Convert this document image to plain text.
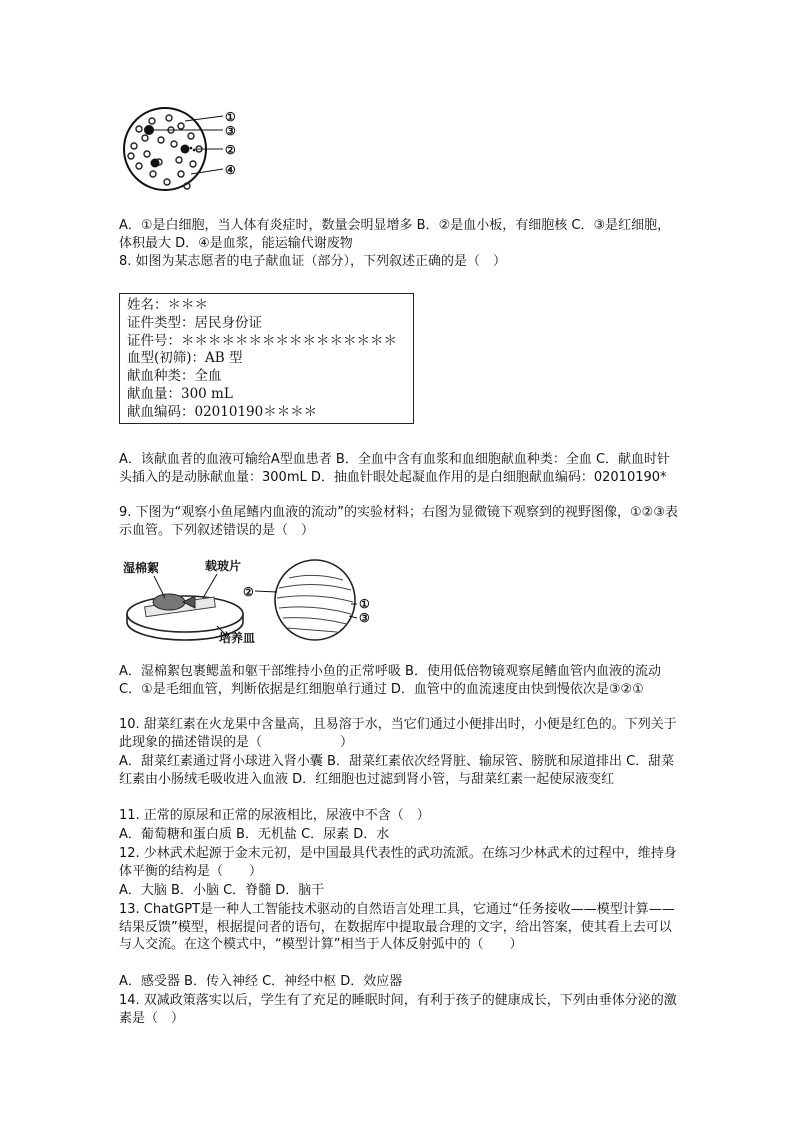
①
③
②
④

A．①是白细胞，当人体有炎症时，数量会明显增多 B．②是血小板，有细胞核 C．③是红细胞，体积最大 D．④是血浆，能运输代谢废物

8. 如图为某志愿者的电子献血证（部分），下列叙述正确的是（　）

姓名：＊＊＊
证件类型：居民身份证
证件号：＊＊＊＊＊＊＊＊＊＊＊＊＊＊＊＊
血型(初筛)：AB 型
献血种类：全血
献血量：300 mL
献血编码：02010190＊＊＊＊

A．该献血者的血液可输给A型血患者 B．全血中含有血浆和血细胞献血种类：全血 C．献血时针头插入的是动脉献血量：300mL D．抽血针眼处起凝血作用的是白细胞献血编码：02010190*

9. 下图为“观察小鱼尾鳍内血液的流动”的实验材料；右图为显微镜下观察到的视野图像，①②③表示血管。下列叙述错误的是（　）

湿棉絮	载玻片
培养皿
②
①
③

A．湿棉絮包裹鳃盖和躯干部维持小鱼的正常呼吸 B．使用低倍物镜观察尾鳍血管内血液的流动 C．①是毛细血管，判断依据是红细胞单行通过 D．血管中的血流速度由快到慢依次是③②①

10. 甜菜红素在火龙果中含量高，且易溶于水，当它们通过小便排出时，小便是红色的。下列关于此现象的描述错误的是（　　　　　　）

A．甜菜红素通过肾小球进入肾小囊 B．甜菜红素依次经肾脏、输尿管、膀胱和尿道排出 C．甜菜红素由小肠绒毛吸收进入血液 D．红细胞也过滤到肾小管，与甜菜红素一起使尿液变红

11. 正常的原尿和正常的尿液相比，尿液中不含（　）

A．葡萄糖和蛋白质 B．无机盐 C．尿素 D．水

12. 少林武术起源于金末元初，是中国最具代表性的武功流派。在练习少林武术的过程中，维持身体平衡的结构是（　　）

A．大脑 B．小脑 C．脊髓 D．脑干

13. ChatGPT是一种人工智能技术驱动的自然语言处理工具，它通过“任务接收——模型计算——结果反馈”模型，根据提问者的语句，在数据库中提取最合理的文字，给出答案，使其看上去可以与人交流。在这个模式中，“模型计算”相当于人体反射弧中的（　　）

A．感受器 B．传入神经 C．神经中枢 D．效应器

14. 双减政策落实以后，学生有了充足的睡眠时间，有利于孩子的健康成长，下列由垂体分泌的激素是（　）
